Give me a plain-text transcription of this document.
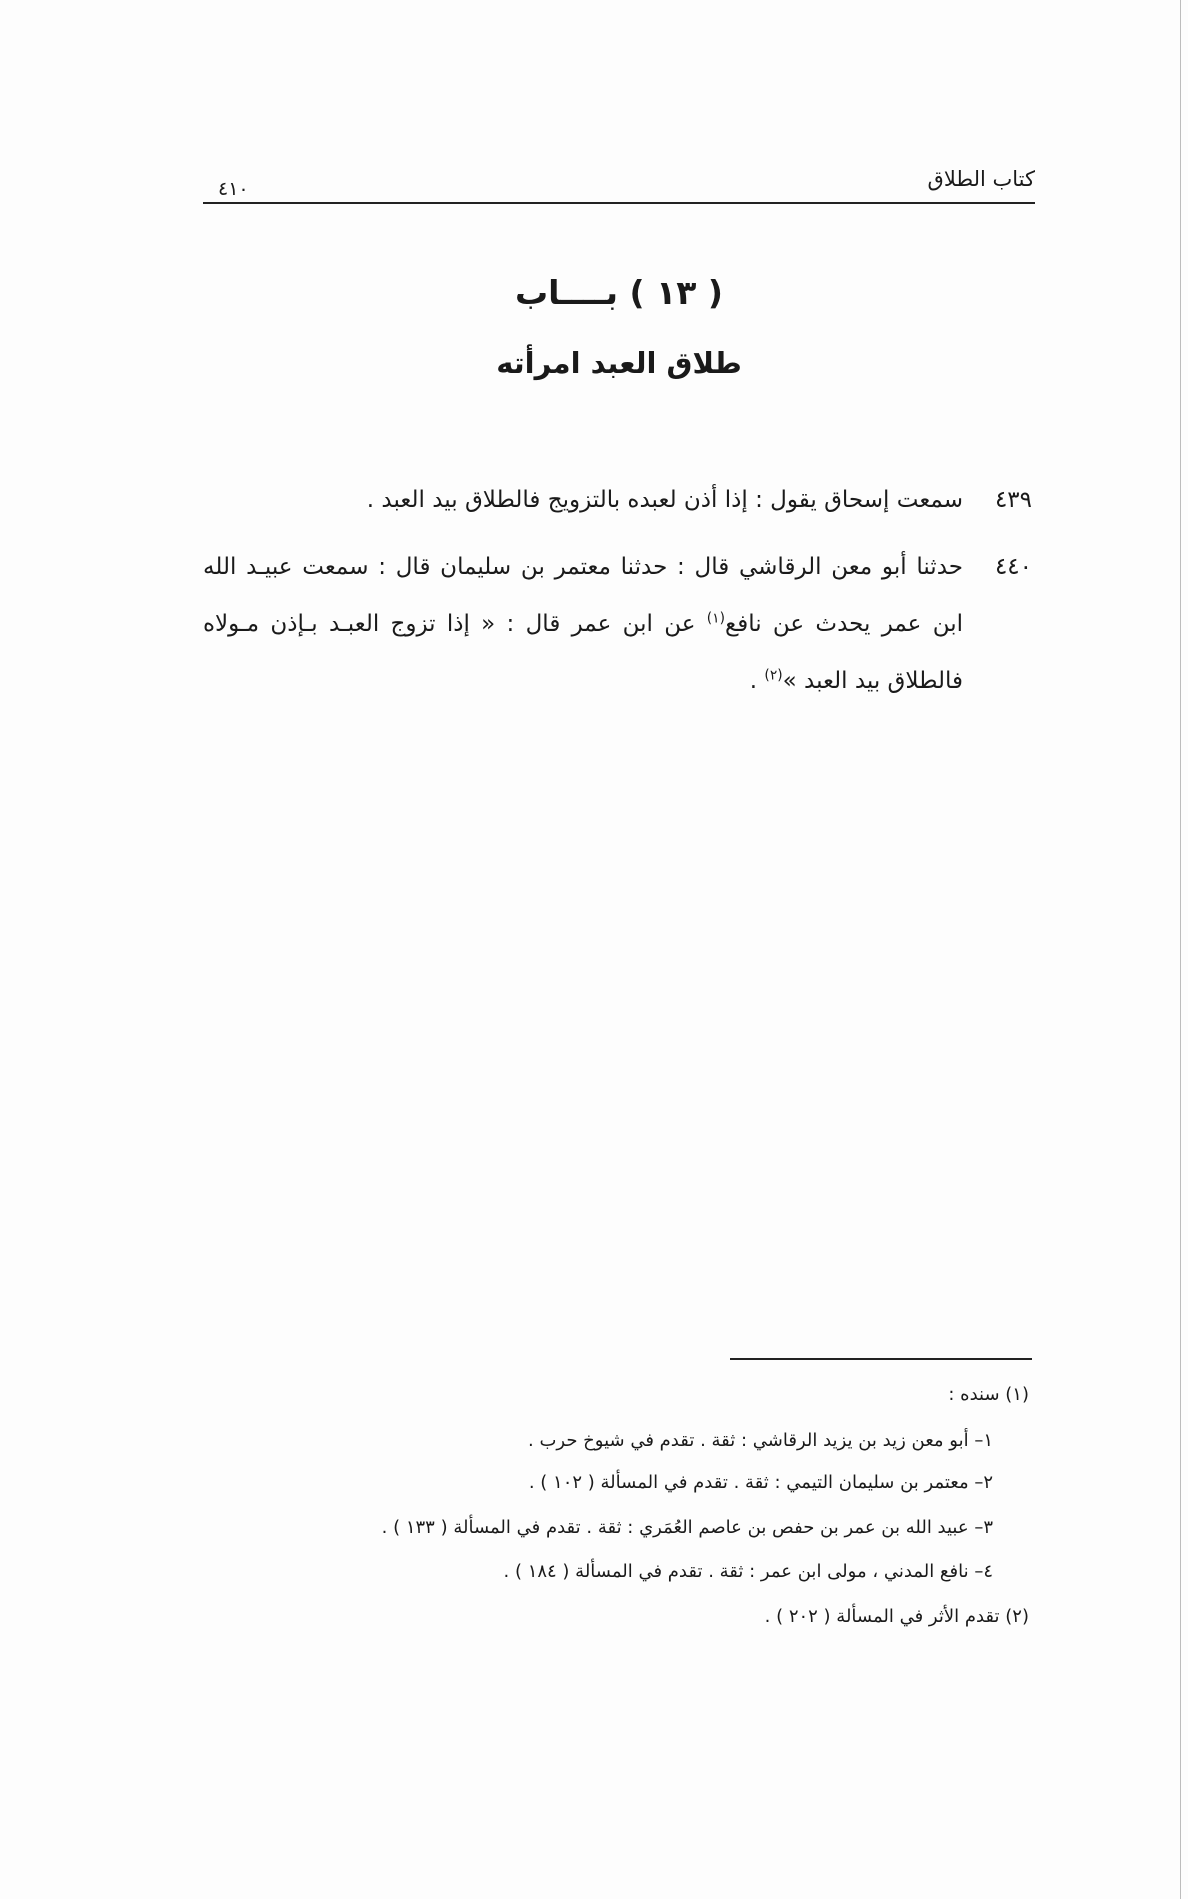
كتاب الطلاق
٤١٠
( ١٣ ) بــــاب
طلاق العبد امرأته
٤٣٩
سمعت إسحاق يقول : إذا أذن لعبده بالتزويج فالطلاق بيد العبد .
٤٤٠
حدثنا أبو معن الرقاشي قال : حدثنا معتمر بن سليمان قال : سمعت عبيـد الله
ابن عمر يحدث عن نافع$^{(١)}$ عن ابن عمر قال : « إذا تزوج العبـد بـإذن مـولاه
فالطلاق بيد العبد »$^{(٢)}$ .
(١) سنده :
١– أبو معن زيد بن يزيد الرقاشي : ثقة . تقدم في شيوخ حرب .
٢– معتمر بن سليمان التيمي : ثقة . تقدم في المسألة ( ١٠٢ ) .
٣– عبيد الله بن عمر بن حفص بن عاصم العُمَري : ثقة . تقدم في المسألة ( ١٣٣ ) .
٤– نافع المدني ، مولى ابن عمر : ثقة . تقدم في المسألة ( ١٨٤ ) .
(٢) تقدم الأثر في المسألة ( ٢٠٢ ) .
